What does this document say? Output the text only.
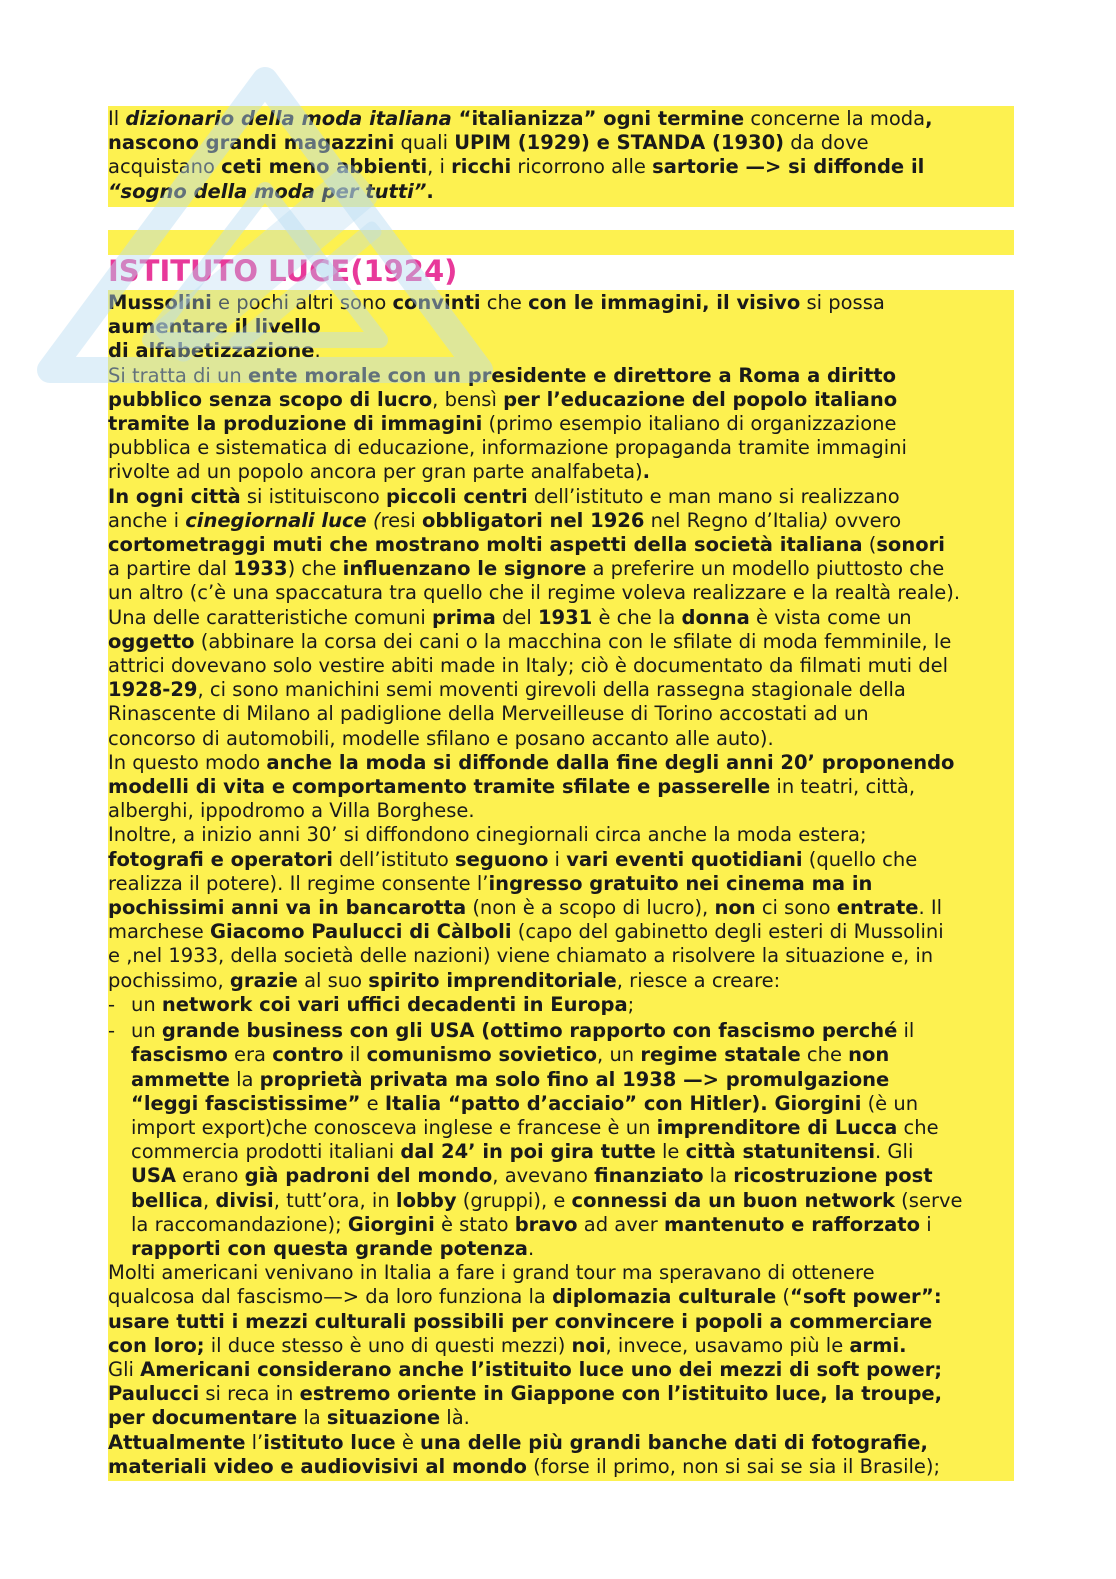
Il dizionario della moda italiana “italianizza” ogni termine concerne la moda,
nascono grandi magazzini quali UPIM (1929) e STANDA (1930) da dove
acquistano ceti meno abbienti, i ricchi ricorrono alle sartorie —> si diffonde il
“sogno della moda per tutti”.
ISTITUTO LUCE(1924)
Mussolini e pochi altri sono convinti che con le immagini, il visivo si possa
aumentare il livello
di alfabetizzazione.
Si tratta di un ente morale con un presidente e direttore a Roma a diritto
pubblico senza scopo di lucro, bensì per l’educazione del popolo italiano
tramite la produzione di immagini (primo esempio italiano di organizzazione
pubblica e sistematica di educazione, informazione propaganda tramite immagini
rivolte ad un popolo ancora per gran parte analfabeta).
In ogni città si istituiscono piccoli centri dell’istituto e man mano si realizzano
anche i cinegiornali luce (resi obbligatori nel 1926 nel Regno d’Italia) ovvero
cortometraggi muti che mostrano molti aspetti della società italiana (sonori
a partire dal 1933) che influenzano le signore a preferire un modello piuttosto che
un altro (c’è una spaccatura tra quello che il regime voleva realizzare e la realtà reale).
Una delle caratteristiche comuni prima del 1931 è che la donna è vista come un
oggetto (abbinare la corsa dei cani o la macchina con le sfilate di moda femminile, le
attrici dovevano solo vestire abiti made in Italy; ciò è documentato da filmati muti del
1928-29, ci sono manichini semi moventi girevoli della rassegna stagionale della
Rinascente di Milano al padiglione della Merveilleuse di Torino accostati ad un
concorso di automobili, modelle sfilano e posano accanto alle auto).
In questo modo anche la moda si diffonde dalla fine degli anni 20’ proponendo
modelli di vita e comportamento tramite sfilate e passerelle in teatri, città,
alberghi, ippodromo a Villa Borghese.
Inoltre, a inizio anni 30’ si diffondono cinegiornali circa anche la moda estera;
fotografi e operatori dell’istituto seguono i vari eventi quotidiani (quello che
realizza il potere). Il regime consente l’ingresso gratuito nei cinema ma in
pochissimi anni va in bancarotta (non è a scopo di lucro), non ci sono entrate. Il
marchese Giacomo Paulucci di Càlboli (capo del gabinetto degli esteri di Mussolini
e ,nel 1933, della società delle nazioni) viene chiamato a risolvere la situazione e, in
pochissimo, grazie al suo spirito imprenditoriale, riesce a creare:
- un network coi vari uffici decadenti in Europa;
- un grande business con gli USA (ottimo rapporto con fascismo perché il
fascismo era contro il comunismo sovietico, un regime statale che non
ammette la proprietà privata ma solo fino al 1938 —> promulgazione
“leggi fascistissime” e Italia “patto d’acciaio” con Hitler). Giorgini (è un
import export)che conosceva inglese e francese è un imprenditore di Lucca che
commercia prodotti italiani dal 24’ in poi gira tutte le città statunitensi. Gli
USA erano già padroni del mondo, avevano finanziato la ricostruzione post
bellica, divisi, tutt’ora, in lobby (gruppi), e connessi da un buon network (serve
la raccomandazione); Giorgini è stato bravo ad aver mantenuto e rafforzato i
rapporti con questa grande potenza.
Molti americani venivano in Italia a fare i grand tour ma speravano di ottenere
qualcosa dal fascismo—> da loro funziona la diplomazia culturale (“soft power”:
usare tutti i mezzi culturali possibili per convincere i popoli a commerciare
con loro; il duce stesso è uno di questi mezzi) noi, invece, usavamo più le armi.
Gli Americani considerano anche l’istituito luce uno dei mezzi di soft power;
Paulucci si reca in estremo oriente in Giappone con l’istituito luce, la troupe,
per documentare la situazione là.
Attualmente l’istituto luce è una delle più grandi banche dati di fotografie,
materiali video e audiovisivi al mondo (forse il primo, non si sai se sia il Brasile);
